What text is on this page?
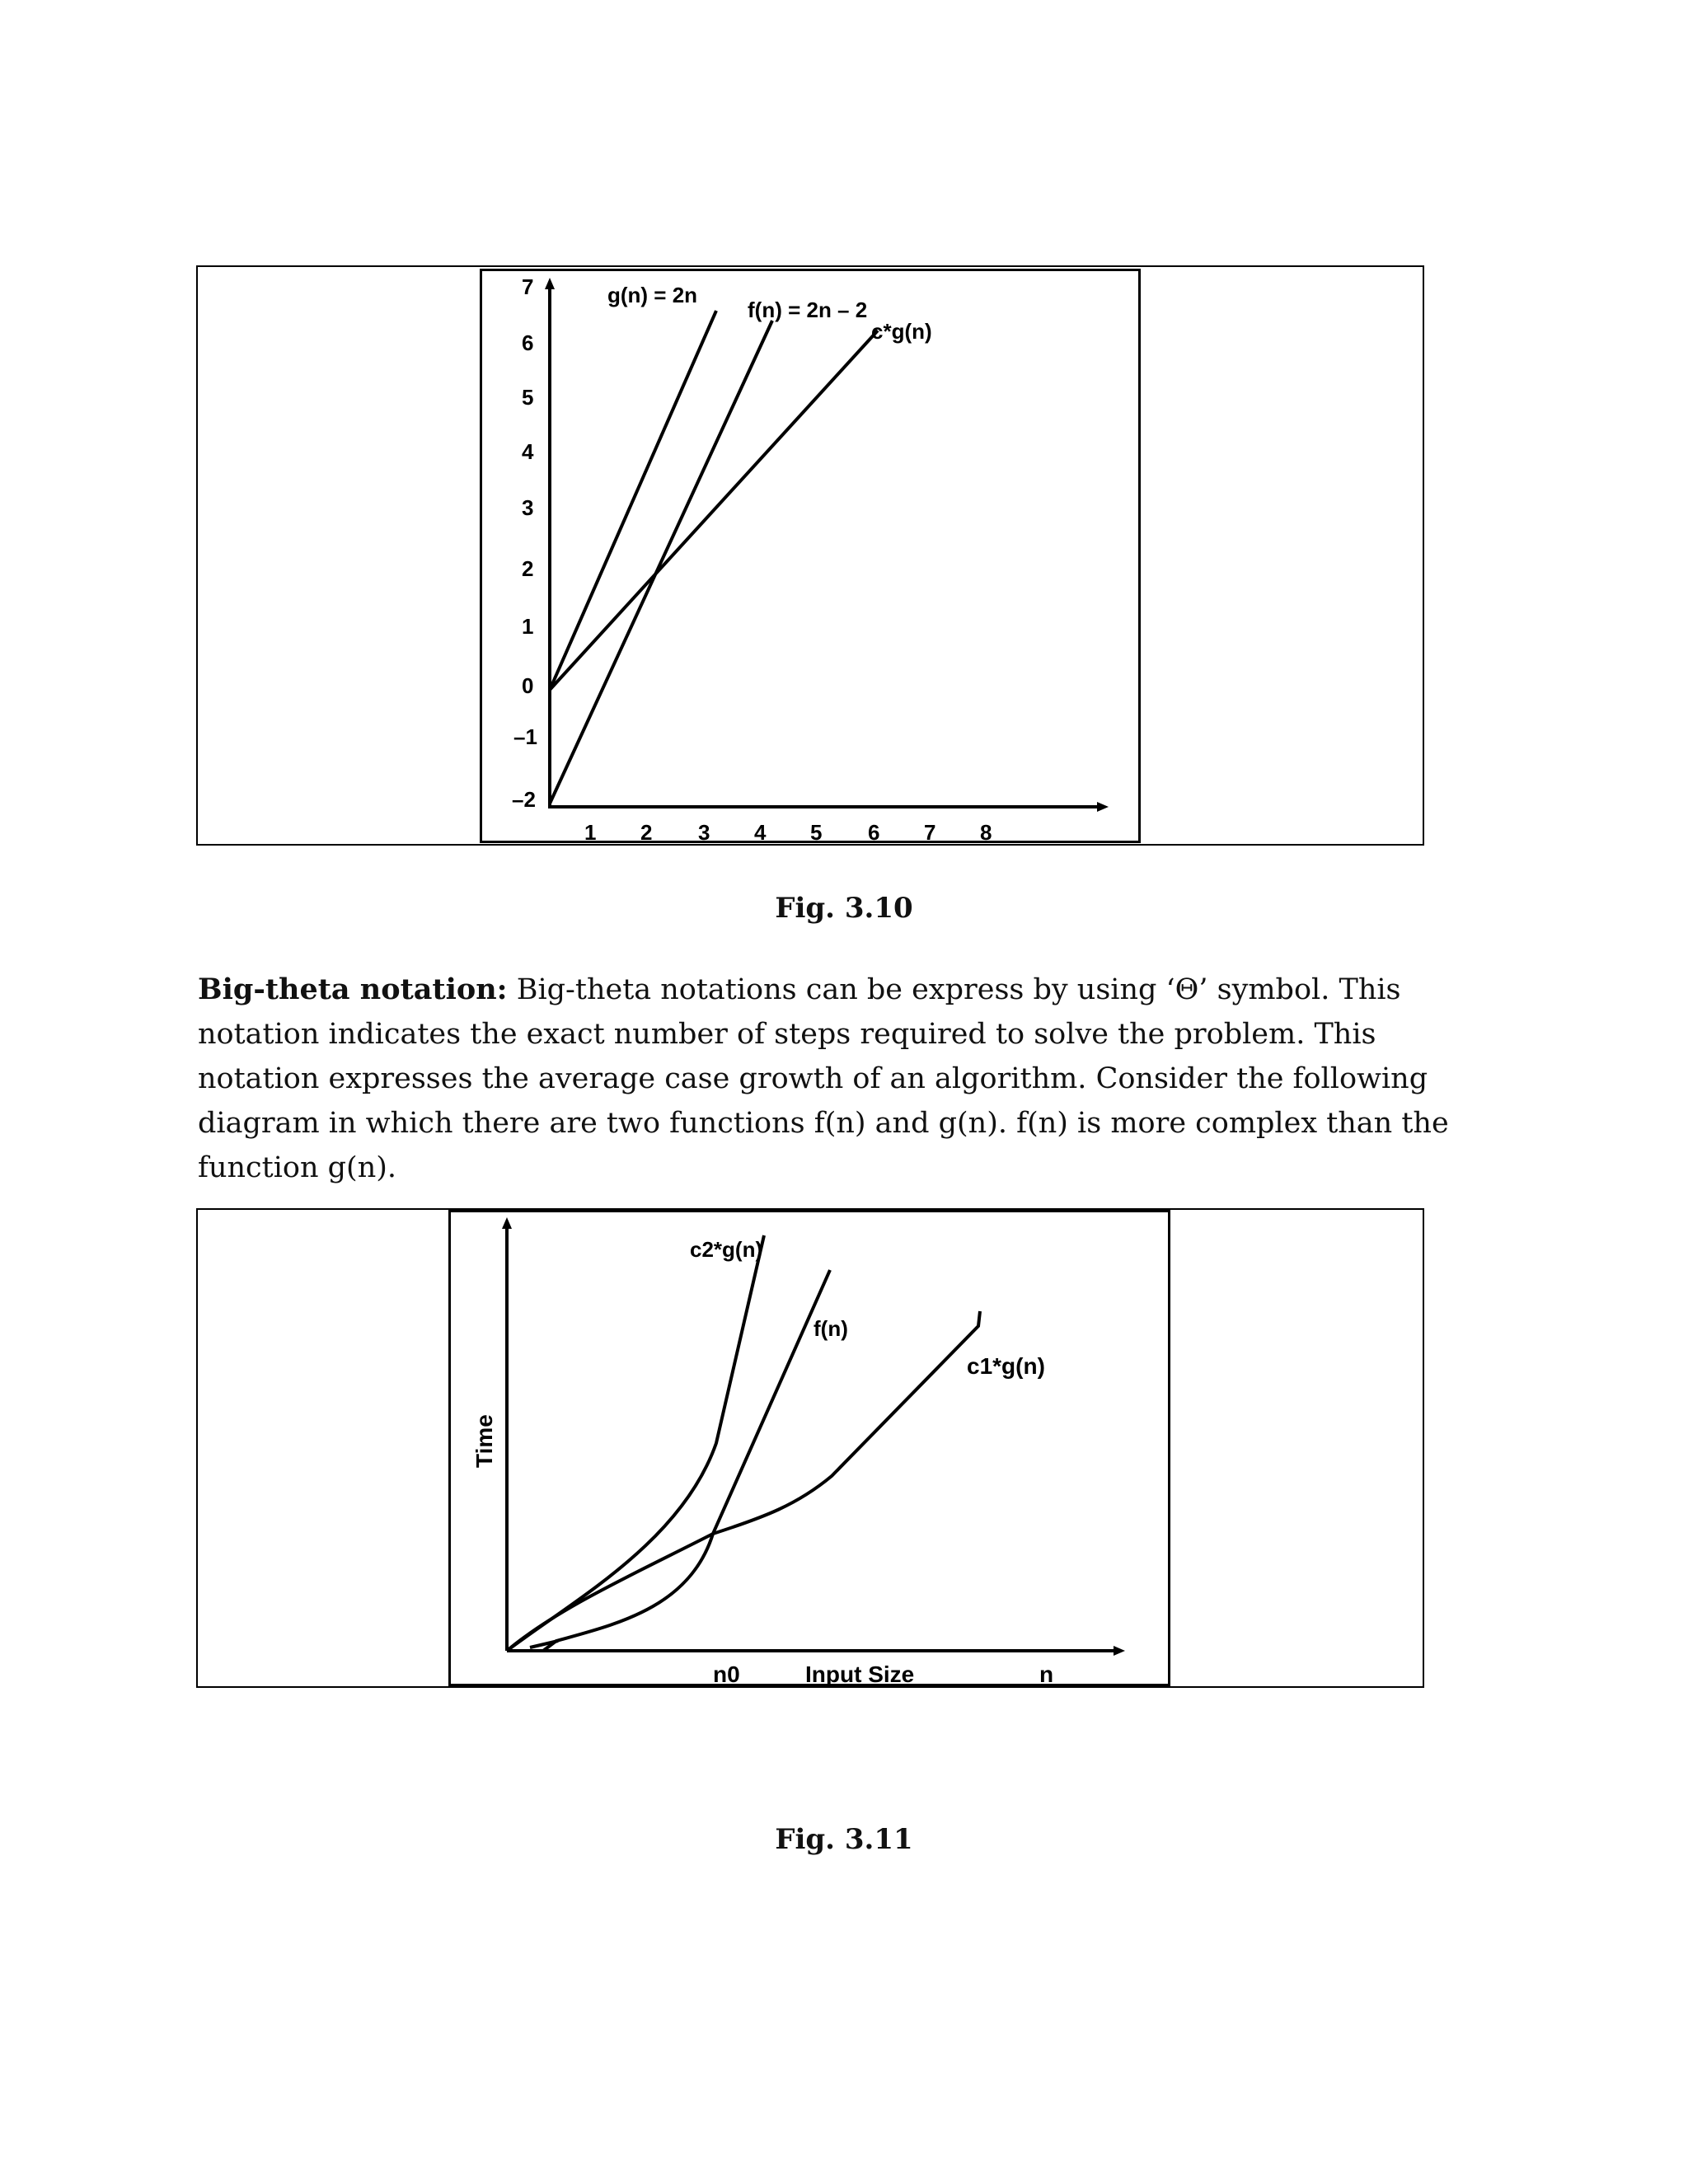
7
6
5
4
3
2
1
0
–1
–2
1 2 3 4 5 6 7 8
g(n) = 2n
f(n) = 2n – 2
c*g(n)
Fig. 3.10
Big-theta notation: Big-theta notations can be express by using ‘Θ’ symbol. This notation indicates the exact number of steps required to solve the problem. This notation expresses the average case growth of an algorithm. Consider the following diagram in which there are two functions f(n) and g(n). f(n) is more complex than the function g(n).
Time
c2*g(n)
f(n)
c1*g(n)
n0	Input Size	n
Fig. 3.11
